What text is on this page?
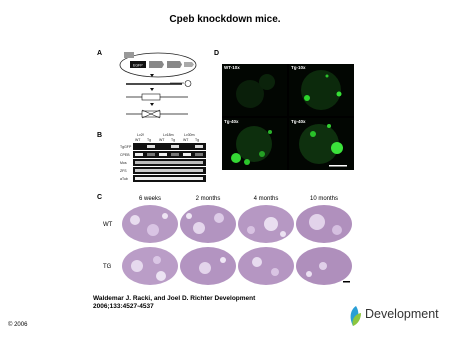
Cpeb knockdown mice.
A
EGFP
B	Lv2f	Lv18m	Lv30m
WT Tg WT Tg WT Tg
TgGFP
CPEB
Mos
ZFS
aTub
D
WT-10x	Tg-10x
Tg-40x	Tg-40x
C	6 weeks	2 months	4 months	10 months
WT
TG
Waldemar J. Racki, and Joel D. Richter Development
2006;133:4527-4537
© 2006
Development
